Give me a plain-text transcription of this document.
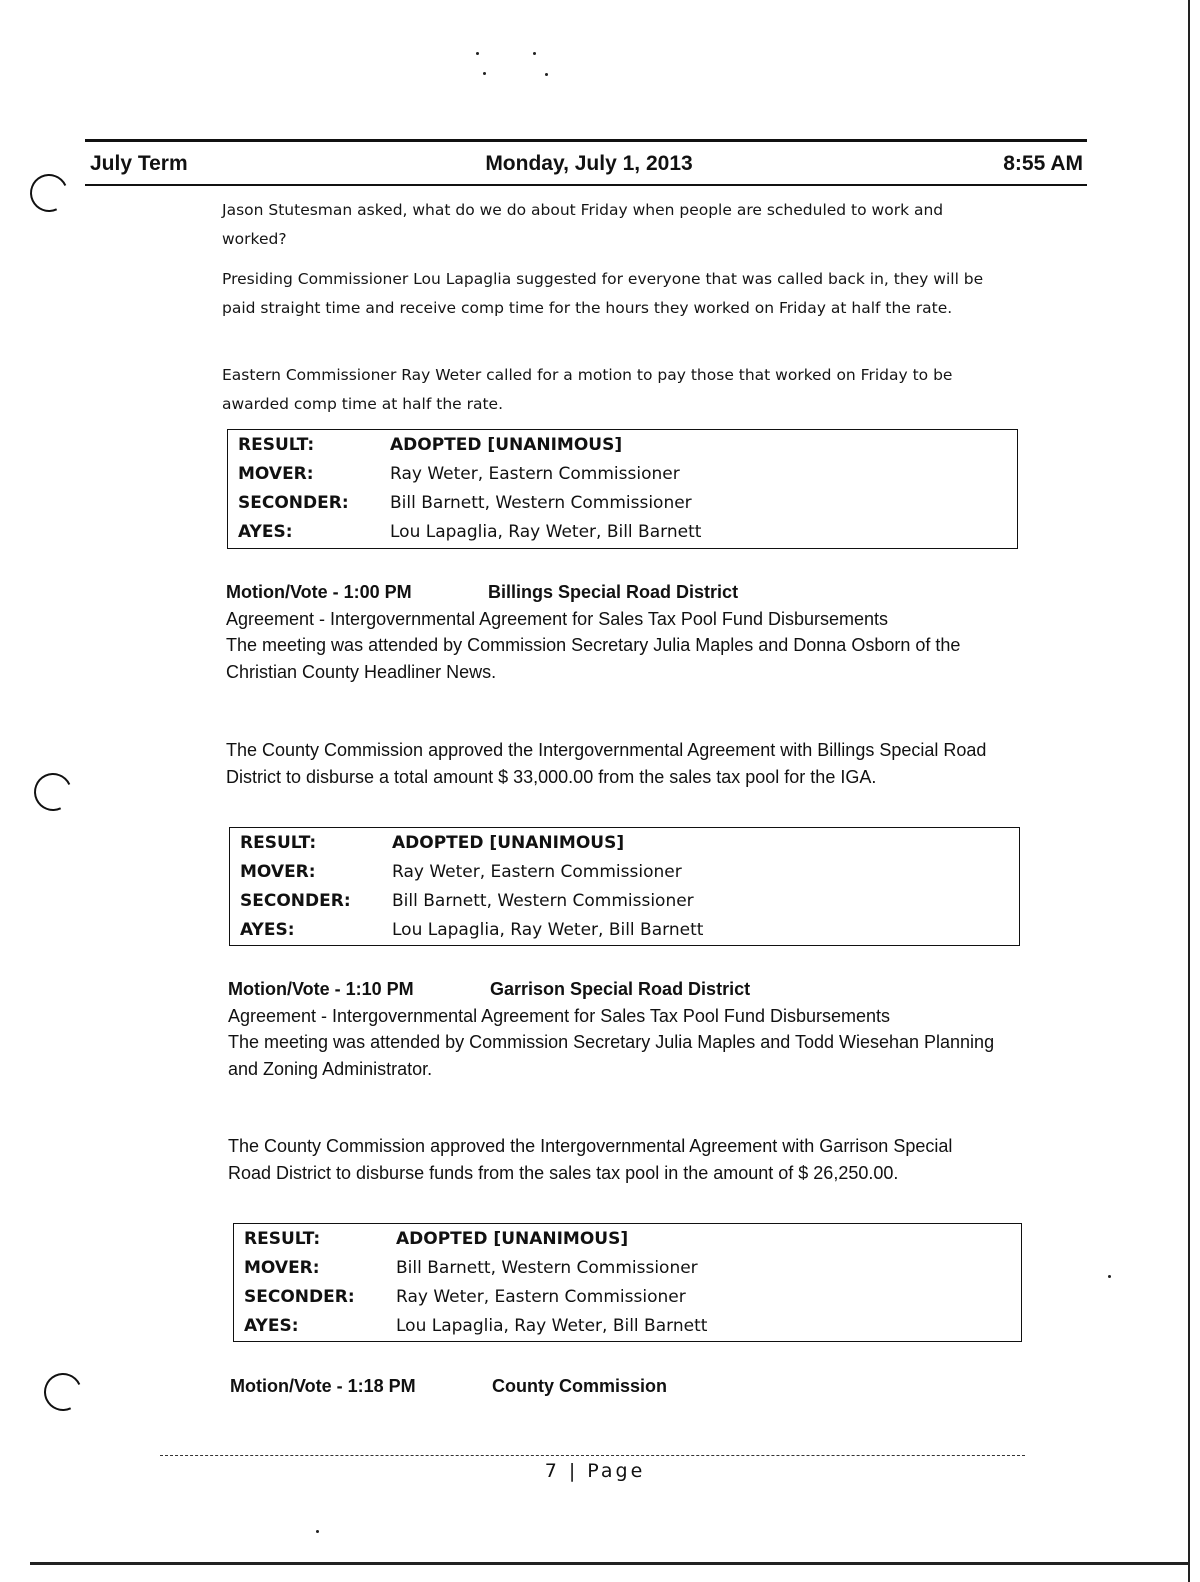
July Term	Monday, July 1, 2013	8:55 AM
Jason Stutesman asked, what do we do about Friday when people are scheduled to work and worked?
Presiding Commissioner Lou Lapaglia suggested for everyone that was called back in, they will be paid straight time and receive comp time for the hours they worked on Friday at half the rate.
Eastern Commissioner Ray Weter called for a motion to pay those that worked on Friday to be awarded comp time at half the rate.
RESULT:	ADOPTED [UNANIMOUS]
MOVER:	Ray Weter, Eastern Commissioner
SECONDER:	Bill Barnett, Western Commissioner
AYES:	Lou Lapaglia, Ray Weter, Bill Barnett
Motion/Vote - 1:00 PM	Billings Special Road District
Agreement - Intergovernmental Agreement for Sales Tax Pool Fund Disbursements
The meeting was attended by Commission Secretary Julia Maples and Donna Osborn of the Christian County Headliner News.
The County Commission approved the Intergovernmental Agreement with Billings Special Road District to disburse a total amount $ 33,000.00 from the sales tax pool for the IGA.
RESULT:	ADOPTED [UNANIMOUS]
MOVER:	Ray Weter, Eastern Commissioner
SECONDER:	Bill Barnett, Western Commissioner
AYES:	Lou Lapaglia, Ray Weter, Bill Barnett
Motion/Vote - 1:10 PM	Garrison Special Road District
Agreement - Intergovernmental Agreement for Sales Tax Pool Fund Disbursements
The meeting was attended by Commission Secretary Julia Maples and Todd Wiesehan Planning and Zoning Administrator.
The County Commission approved the Intergovernmental Agreement with Garrison Special Road District to disburse funds from the sales tax pool in the amount of $ 26,250.00.
RESULT:	ADOPTED [UNANIMOUS]
MOVER:	Bill Barnett, Western Commissioner
SECONDER:	Ray Weter, Eastern Commissioner
AYES:	Lou Lapaglia, Ray Weter, Bill Barnett
Motion/Vote - 1:18 PM	County Commission
7 | Page
